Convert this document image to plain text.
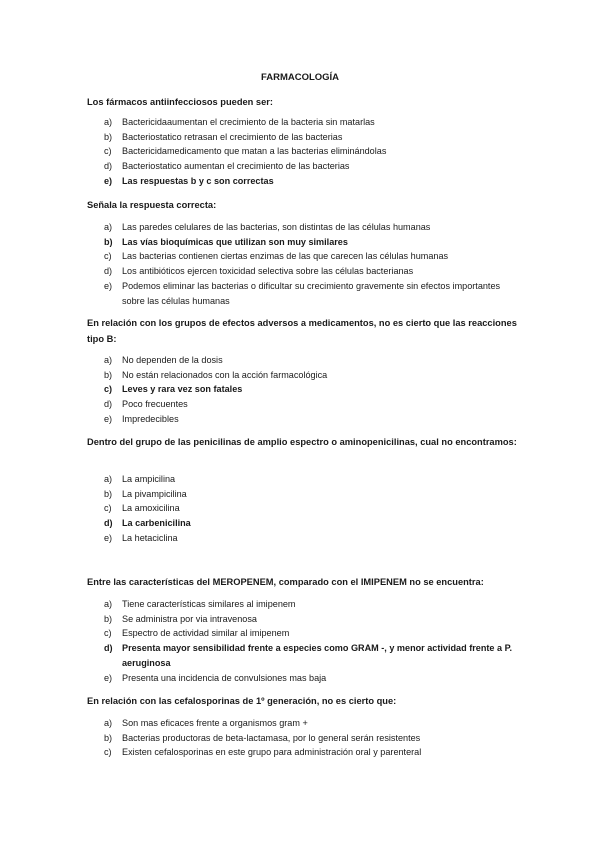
FARMACOLOGÍA
Los fármacos antiinfecciosos pueden ser:
a) Bactericidaaumentan el crecimiento de la bacteria sin matarlas
b) Bacteriostatico retrasan el crecimiento de las bacterias
c) Bactericidamedicamento que matan a las bacterias eliminándolas
d) Bacteriostatico aumentan el crecimiento de las bacterias
e) Las respuestas b y c son correctas
Señala la respuesta correcta:
a) Las paredes celulares de las bacterias, son distintas de las células humanas
b) Las vías bioquímicas que utilizan son muy similares
c) Las bacterias contienen ciertas enzimas de las que carecen las células humanas
d) Los antibióticos ejercen toxicidad selectiva sobre las células bacterianas
e) Podemos eliminar las bacterias o dificultar su crecimiento gravemente sin efectos importantes sobre las células humanas
En relación con los grupos de efectos adversos a medicamentos, no es cierto que las reacciones tipo B:
a) No dependen de la dosis
b) No están relacionados con la acción farmacológica
c) Leves y rara vez son fatales
d) Poco frecuentes
e) Impredecibles
Dentro del grupo de las penicilinas de amplio espectro o aminopenicilinas, cual no encontramos:
a) La ampicilina
b) La pivampicilina
c) La amoxicilina
d) La carbenicilina
e) La hetaciclina
Entre las características del MEROPENEM, comparado con el IMIPENEM no se encuentra:
a) Tiene características similares al imipenem
b) Se administra por via intravenosa
c) Espectro de actividad similar al imipenem
d) Presenta mayor sensibilidad frente a especies como GRAM -, y menor actividad frente a P. aeruginosa
e) Presenta una incidencia de convulsiones mas baja
En relación con las cefalosporinas de 1º generación, no es cierto que:
a) Son mas eficaces frente a organismos gram +
b) Bacterias productoras de beta-lactamasa, por lo general serán resistentes
c) Existen cefalosporinas en este grupo para administración oral y parenteral
